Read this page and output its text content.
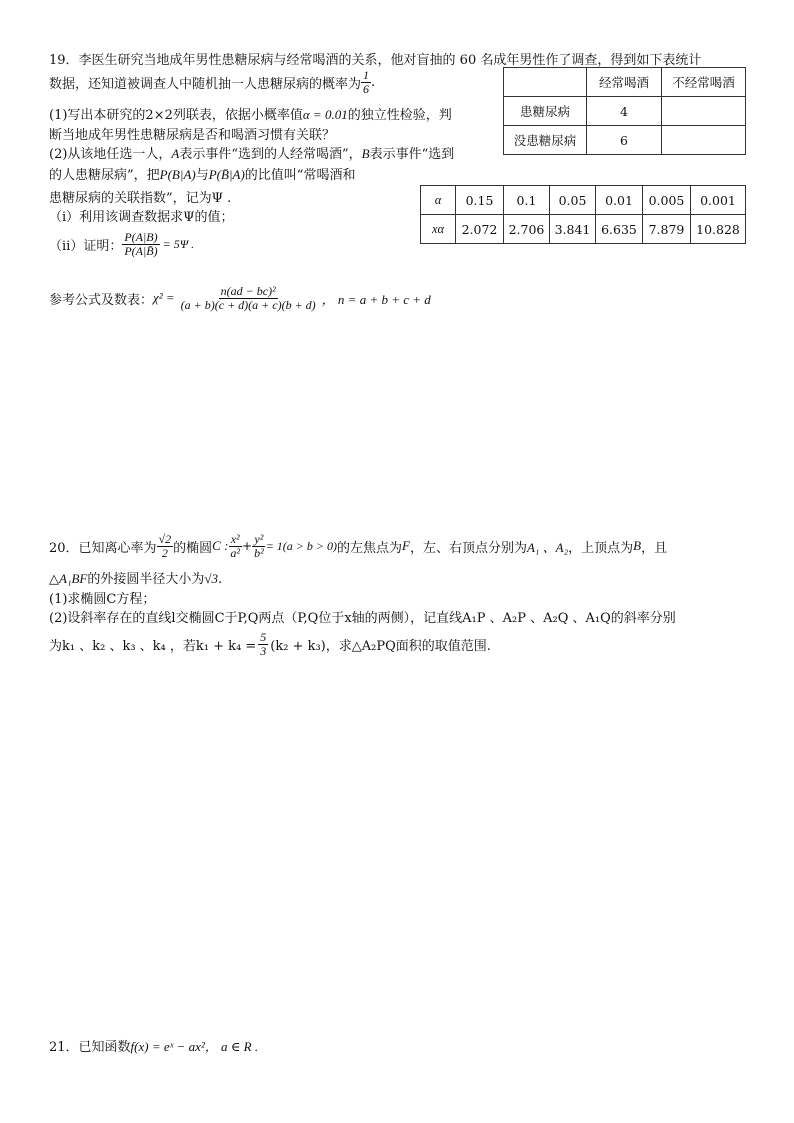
19．李医生研究当地成年男性患糖尿病与经常喝酒的关系，他对盲抽的 60 名成年男性作了调查，得到如下表统计
数据，还知道被调查人中随机抽一人患糖尿病的概率为 $\frac{1}{6}$ .
(1)写出本研究的2×2列联表，依据小概率值α = 0.01的独立性检验，判
断当地成年男性患糖尿病是否和喝酒习惯有关联？
(2)从该地任选一人，A表示事件“选到的人经常喝酒”，B表示事件“选到
的人患糖尿病”，把P(B|A)与P(B̄|A)的比值叫“常喝酒和
患糖尿病的关联指数”，记为Ψ .
（ⅰ）利用该调查数据求Ψ的值；
（ⅱ）证明： $\frac{P(A|B)}{P(A|B̄)} = 5\Psi$ .
参考公式及数表： $\chi^2 = \frac{\text{n(ad − bc)²}}{(a + b)(c + d)(a + c)(b + d)}$ ， n = a + b + c + d
	经常喝酒	不经常喝酒
患糖尿病	4	
没患糖尿病	6	
α	0.15	0.1	0.05	0.01	0.005	0.001
xα	2.072	2.706	3.841	6.635	7.879	10.828
20．已知离心率为 $\frac{√2}{2}$ 的椭圆 C : $\frac{\text{x²}}{\text{a²}} + \frac{\text{y²}}{\text{b²}} = 1(a > b > 0)$ 的左焦点为 F ，左、右顶点分别为 A₁ 、A₂ ，上顶点为 B ，且
△A₁BF的外接圆半径大小为√3.
(1)求椭圆C方程；
(2)设斜率存在的直线l交椭圆C于P,Q两点（P,Q位于x轴的两侧），记直线A₁P 、A₂P 、A₂Q 、A₁Q的斜率分别
为k₁ 、k₂ 、k₃ 、k₄ ，若$k_1 + k_4 = \frac{5}{3} (k_2 + k_3)$，求△A₂PQ面积的取值范围.
21．已知函数f(x) = eˣ − ax²， a ∈ R .
